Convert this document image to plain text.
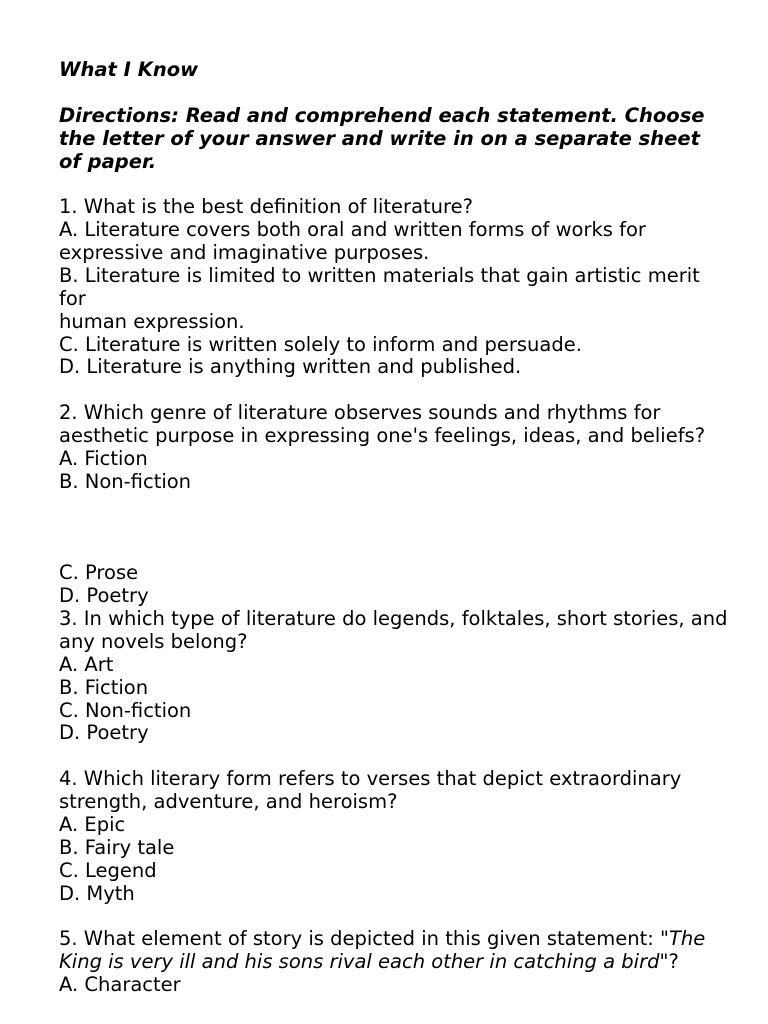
What I Know
Directions: Read and comprehend each statement. Choose
the letter of your answer and write in on a separate sheet
of paper.
1. What is the best definition of literature?
A. Literature covers both oral and written forms of works for
expressive and imaginative purposes.
B. Literature is limited to written materials that gain artistic merit
for
human expression.
C. Literature is written solely to inform and persuade.
D. Literature is anything written and published.
2. Which genre of literature observes sounds and rhythms for
aesthetic purpose in expressing one's feelings, ideas, and beliefs?
A. Fiction
B. Non-fiction
C. Prose
D. Poetry
3. In which type of literature do legends, folktales, short stories, and
any novels belong?
A. Art
B. Fiction
C. Non-fiction
D. Poetry
4. Which literary form refers to verses that depict extraordinary
strength, adventure, and heroism?
A. Epic
B. Fairy tale
C. Legend
D. Myth
5. What element of story is depicted in this given statement: "The
King is very ill and his sons rival each other in catching a bird"?
A. Character
